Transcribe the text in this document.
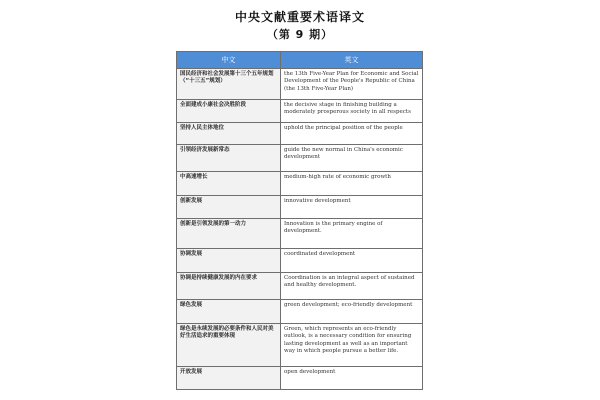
中央文献重要术语译文
（第 9 期）
中文	英文
国民经济和社会发展第十三个五年规划（“十三五”规划）	the 13th Five-Year Plan for Economic and Social Development of the People's Republic of China (the 13th Five-Year Plan)
全面建成小康社会决胜阶段	the decisive stage in finishing building a moderately prosperous society in all respects
坚持人民主体地位	uphold the principal position of the people
引领经济发展新常态	guide the new normal in China's economic development
中高速增长	medium-high rate of economic growth
创新发展	innovative development
创新是引领发展的第一动力	Innovation is the primary engine of development.
协调发展	coordinated development
协调是持续健康发展的内在要求	Coordination is an integral aspect of sustained and healthy development.
绿色发展	green development; eco-friendly development
绿色是永续发展的必要条件和人民对美好生活追求的重要体现	Green, which represents an eco-friendly outlook, is a necessary condition for ensuring lasting development as well as an important way in which people pursue a better life.
开放发展	open development
